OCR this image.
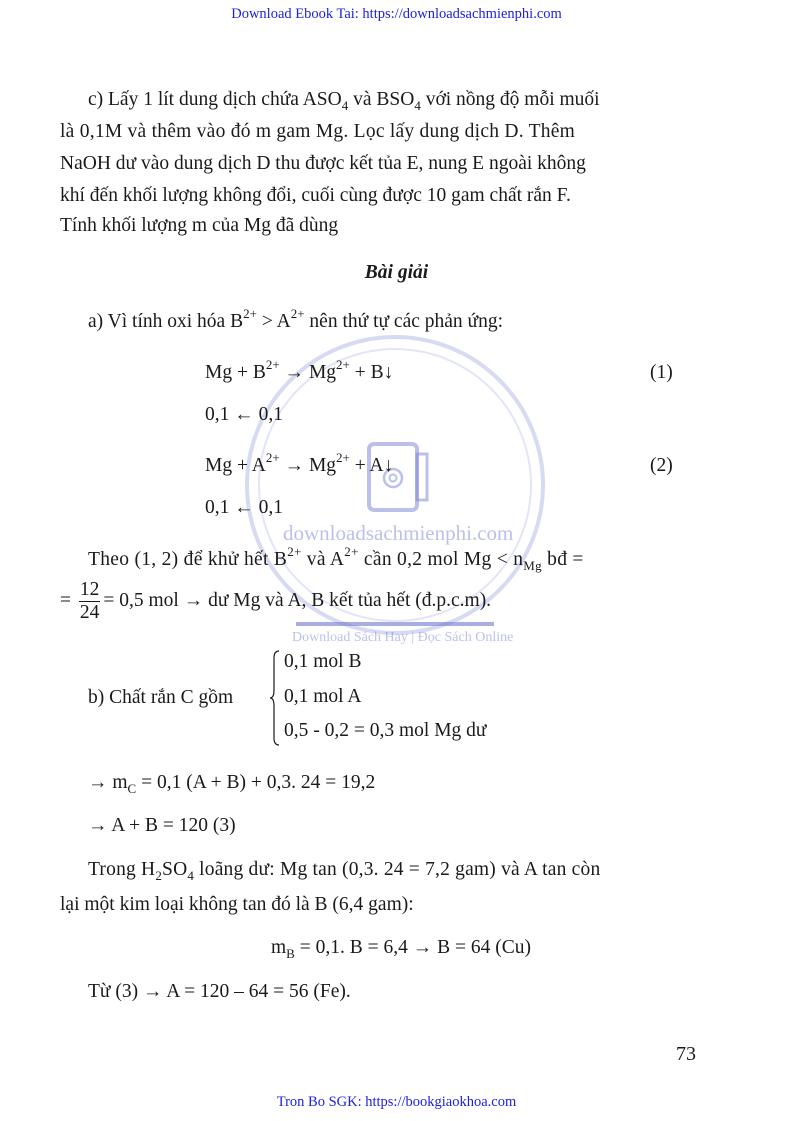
Download Ebook Tai: https://downloadsachmienphi.com
downloadsachmienphi.com
Download Sách Hay | Đọc Sách Online
c) Lấy 1 lít dung dịch chứa $ASO_4$ và $BSO_4$ với nồng độ mỗi muối
là 0,1M và thêm vào đó m gam Mg. Lọc lấy dung dịch D. Thêm
NaOH dư vào dung dịch D thu được kết tủa E, nung E ngoài không
khí đến khối lượng không đổi, cuối cùng được 10 gam chất rắn F.
Tính khối lượng m của Mg đã dùng
Bài giải
a) Vì tính oxi hóa $B^{2+} > A^{2+}$ nên thứ tự các phản ứng:
$Mg + B^{2+} \to Mg^{2+}$ + B↓	(1)
0,1 ← 0,1
$Mg + A^{2+} \to Mg^{2+}$ + A↓	(2)
0,1 ← 0,1
Theo (1, 2) để khử hết $B^{2+}$ và $A^{2+}$ cần 0,2 mol $Mg < n_{Mg}$ bđ =
= $\frac{12}{24} = 0,5$ mol → dư Mg và A, B kết tủa hết (đ.p.c.m).
b) Chất rắn C gồm
0,1 mol B
0,1 mol A
0,5 - 0,2 = 0,3 mol Mg dư
→ $m_C = 0,1$ (A + B) + 0,3. 24 = 19,2
→ A + B = 120 (3)
Trong $H_2SO_4$ loãng dư: Mg tan (0,3. 24 = 7,2 gam) và A tan còn
lại một kim loại không tan đó là B (6,4 gam):
$m_B = 0,1$. B = 6,4 → B = 64 (Cu)
Từ (3) → A = 120 – 64 = 56 (Fe).
73
Tron Bo SGK: https://bookgiaokhoa.com
